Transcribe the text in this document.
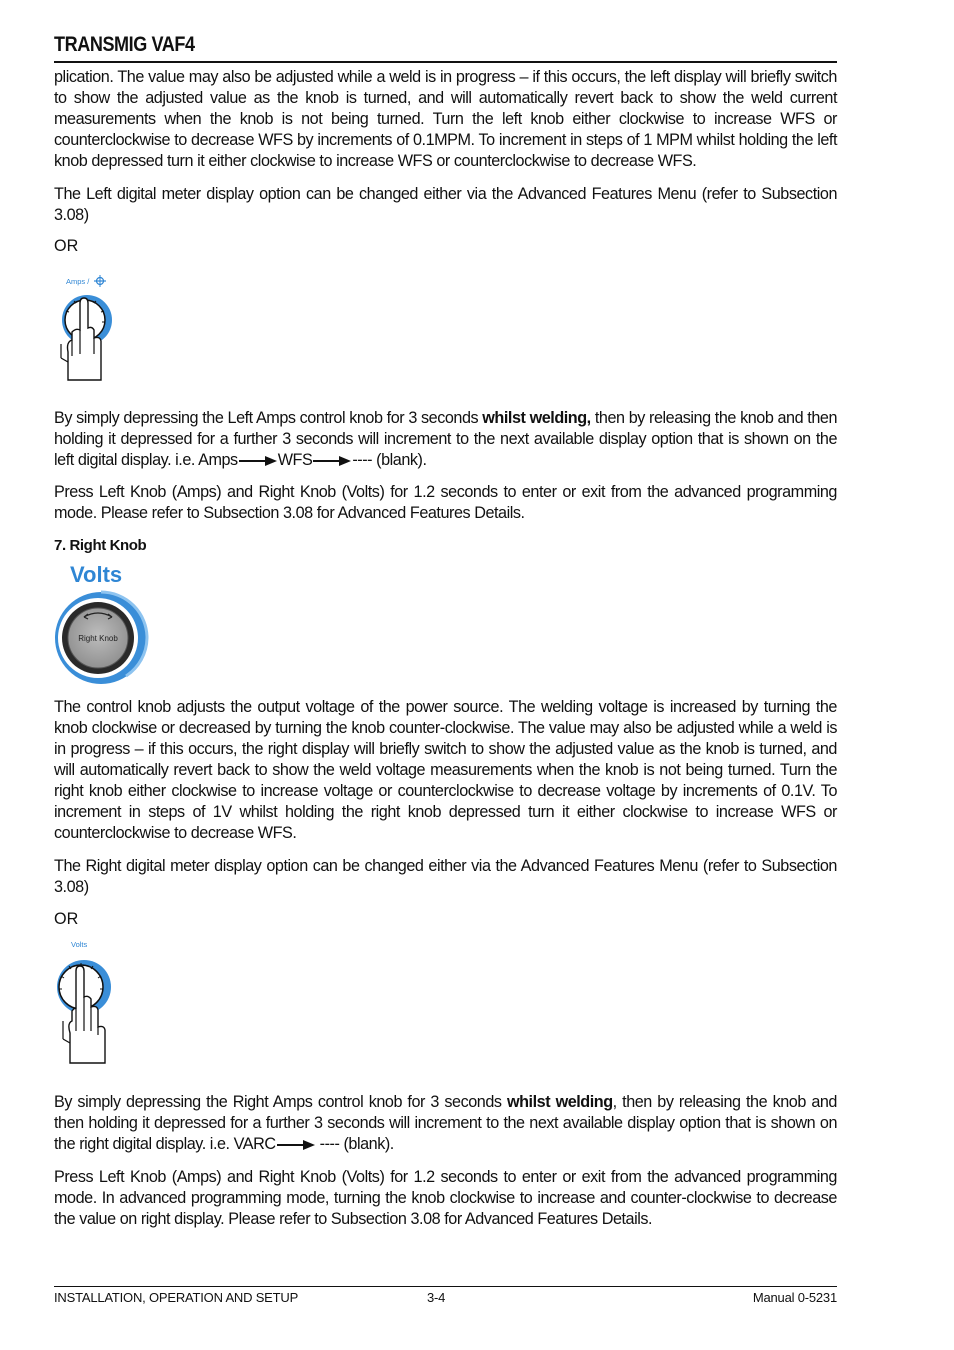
TRANSMIG VAF4
plication. The value may also be adjusted while a weld is in progress – if this occurs, the left display will briefly switch to show the adjusted value as the knob is turned, and will automatically revert back to show the weld current measurements when the knob is not being turned. Turn the left knob either clockwise to increase WFS or counterclockwise to decrease WFS by increments of 0.1MPM. To increment in steps of 1 MPM whilst holding the left knob depressed turn it either clockwise to increase WFS or counterclockwise to decrease WFS.
The Left digital meter display option can be changed either via the Advanced Features Menu (refer to Subsection 3.08)
OR
Amps /
By simply depressing the Left Amps control knob for 3 seconds whilst welding, then by releasing the knob and then holding it depressed for a further 3 seconds will increment to the next available display option that is shown on the left digital display. i.e. Amps WFS ---- (blank).
Press Left Knob (Amps) and Right Knob (Volts) for 1.2 seconds to enter or exit from the advanced programming mode. Please refer to Subsection 3.08 for Advanced Features Details.
7. Right Knob
Volts
Right Knob
The control knob adjusts the output voltage of the power source. The welding voltage is increased by turning the knob clockwise or decreased by turning the knob counter-clockwise. The value may also be adjusted while a weld is in progress – if this occurs, the right display will briefly switch to show the adjusted value as the knob is turned, and will automatically revert back to show the weld voltage measurements when the knob is not being turned. Turn the right knob either clockwise to increase voltage or counterclockwise to decrease voltage by increments of 0.1V. To increment in steps of 1V whilst holding the right knob depressed turn it either clockwise to increase WFS or counterclockwise to decrease WFS.
The Right digital meter display option can be changed either via the Advanced Features Menu (refer to Subsection 3.08)
OR
Volts
By simply depressing the Right Amps control knob for 3 seconds whilst welding, then by releasing the knob and then holding it depressed for a further 3 seconds will increment to the next available display option that is shown on the right digital display. i.e. VARC ---- (blank).
Press Left Knob (Amps) and Right Knob (Volts) for 1.2 seconds to enter or exit from the advanced programming mode. In advanced programming mode, turning the knob clockwise to increase and counter-clockwise to decrease the value on right display. Please refer to Subsection 3.08 for Advanced Features Details.
INSTALLATION, OPERATION AND SETUP	3-4	Manual 0-5231
